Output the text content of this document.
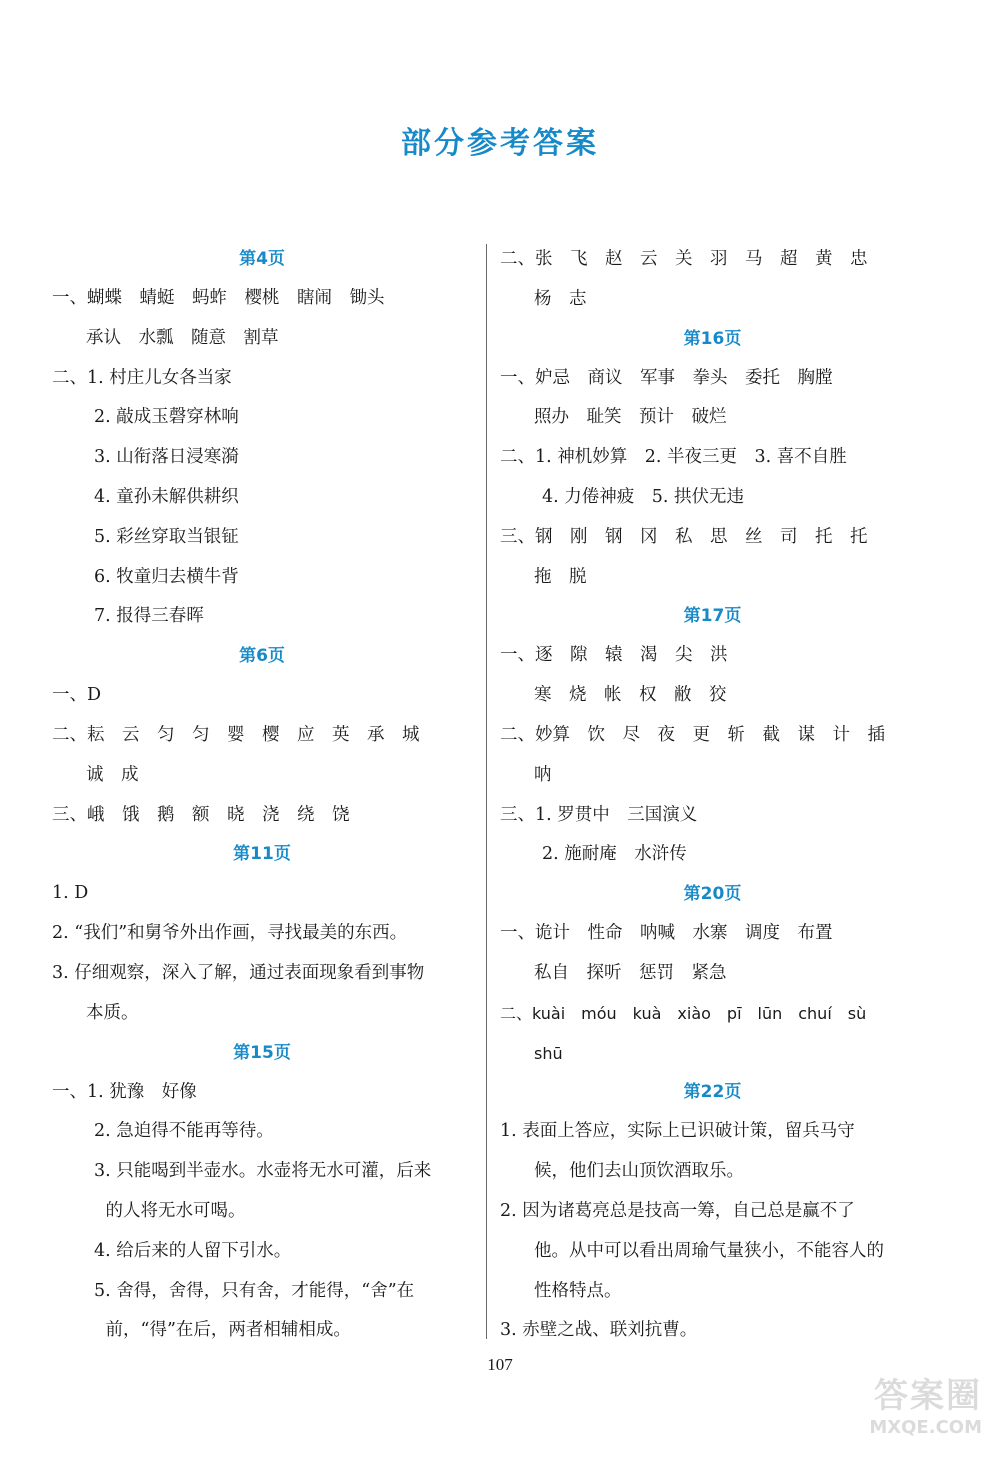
部分参考答案
第4页
一、蝴蝶　蜻蜓　蚂蚱　樱桃　瞎闹　锄头
承认　水瓢　随意　割草
二、1. 村庄儿女各当家
2. 敲成玉磬穿林响
3. 山衔落日浸寒漪
4. 童孙未解供耕织
5. 彩丝穿取当银钲
6. 牧童归去横牛背
7. 报得三春晖
第6页
一、D
二、耘　云　匀　匀　婴　樱　应　英　承　城
诚　成
三、峨　饿　鹅　额　晓　浇　绕　饶
第11页
1. D
2. “我们”和舅爷外出作画，寻找最美的东西。
3. 仔细观察，深入了解，通过表面现象看到事物
本质。
第15页
一、1. 犹豫　好像
2. 急迫得不能再等待。
3. 只能喝到半壶水。水壶将无水可灌，后来
　的人将无水可喝。
4. 给后来的人留下引水。
5. 舍得，舍得，只有舍，才能得，“舍”在
　前，“得”在后，两者相辅相成。
二、张　飞　赵　云　关　羽　马　超　黄　忠
杨　志
第16页
一、妒忌　商议　军事　拳头　委托　胸膛
照办　耻笑　预计　破烂
二、1. 神机妙算　2. 半夜三更　3. 喜不自胜
4. 力倦神疲　5. 拱伏无违
三、钢　刚　钢　冈　私　思　丝　司　托　托
拖　脱
第17页
一、逐　隙　辕　渴　尖　洪
寒　烧　帐　权　敝　狡
二、妙算　饮　尽　夜　更　斩　截　谋　计　插
呐
三、1. 罗贯中　三国演义
2. 施耐庵　水浒传
第20页
一、诡计　性命　呐喊　水寨　调度　布置
私自　探听　惩罚　紧急
二、kuài　móu　kuà　xiào　pī　lūn　chuí　sù
shū
第22页
1. 表面上答应，实际上已识破计策，留兵马守
候，他们去山顶饮酒取乐。
2. 因为诸葛亮总是技高一筹，自己总是赢不了
他。从中可以看出周瑜气量狭小，不能容人的
性格特点。
3. 赤壁之战、联刘抗曹。
107
答案圈
MXQE.COM
